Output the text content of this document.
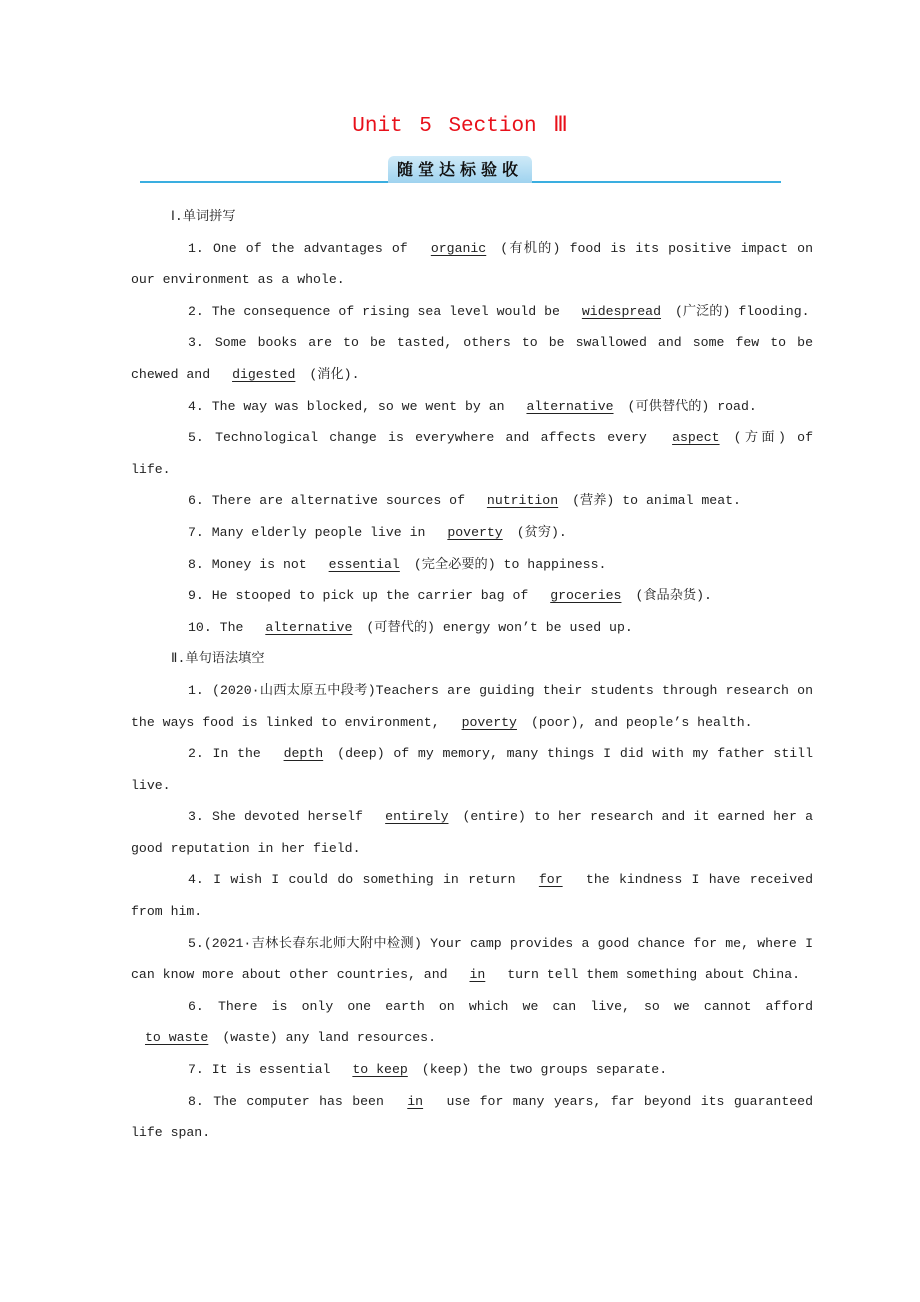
Unit 5 Section Ⅲ
随堂达标验收
Ⅰ.单词拼写
1. One of the advantages of organic (有机的) food is its positive impact on our environment as a whole.
2. The consequence of rising sea level would be widespread (广泛的) flooding.
3. Some books are to be tasted, others to be swallowed and some few to be chewed and digested (消化).
4. The way was blocked, so we went by an alternative (可供替代的) road.
5. Technological change is everywhere and affects every aspect (方面) of life.
6. There are alternative sources of nutrition (营养) to animal meat.
7. Many elderly people live in poverty (贫穷).
8. Money is not essential (完全必要的) to happiness.
9. He stooped to pick up the carrier bag of groceries (食品杂货).
10. The alternative (可替代的) energy won’t be used up.
Ⅱ.单句语法填空
1. (2020·山西太原五中段考)Teachers are guiding their students through research on the ways food is linked to environment, poverty (poor), and people’s health.
2. In the depth (deep) of my memory, many things I did with my father still live.
3. She devoted herself entirely (entire) to her research and it earned her a good reputation in her field.
4. I wish I could do something in return for the kindness I have received from him.
5.(2021·吉林长春东北师大附中检测) Your camp provides a good chance for me, where I can know more about other countries, and in turn tell them something about China.
6. There is only one earth on which we can live, so we cannot afford to waste (waste) any land resources.
7. It is essential to keep (keep) the two groups separate.
8. The computer has been in use for many years, far beyond its guaranteed life span.
